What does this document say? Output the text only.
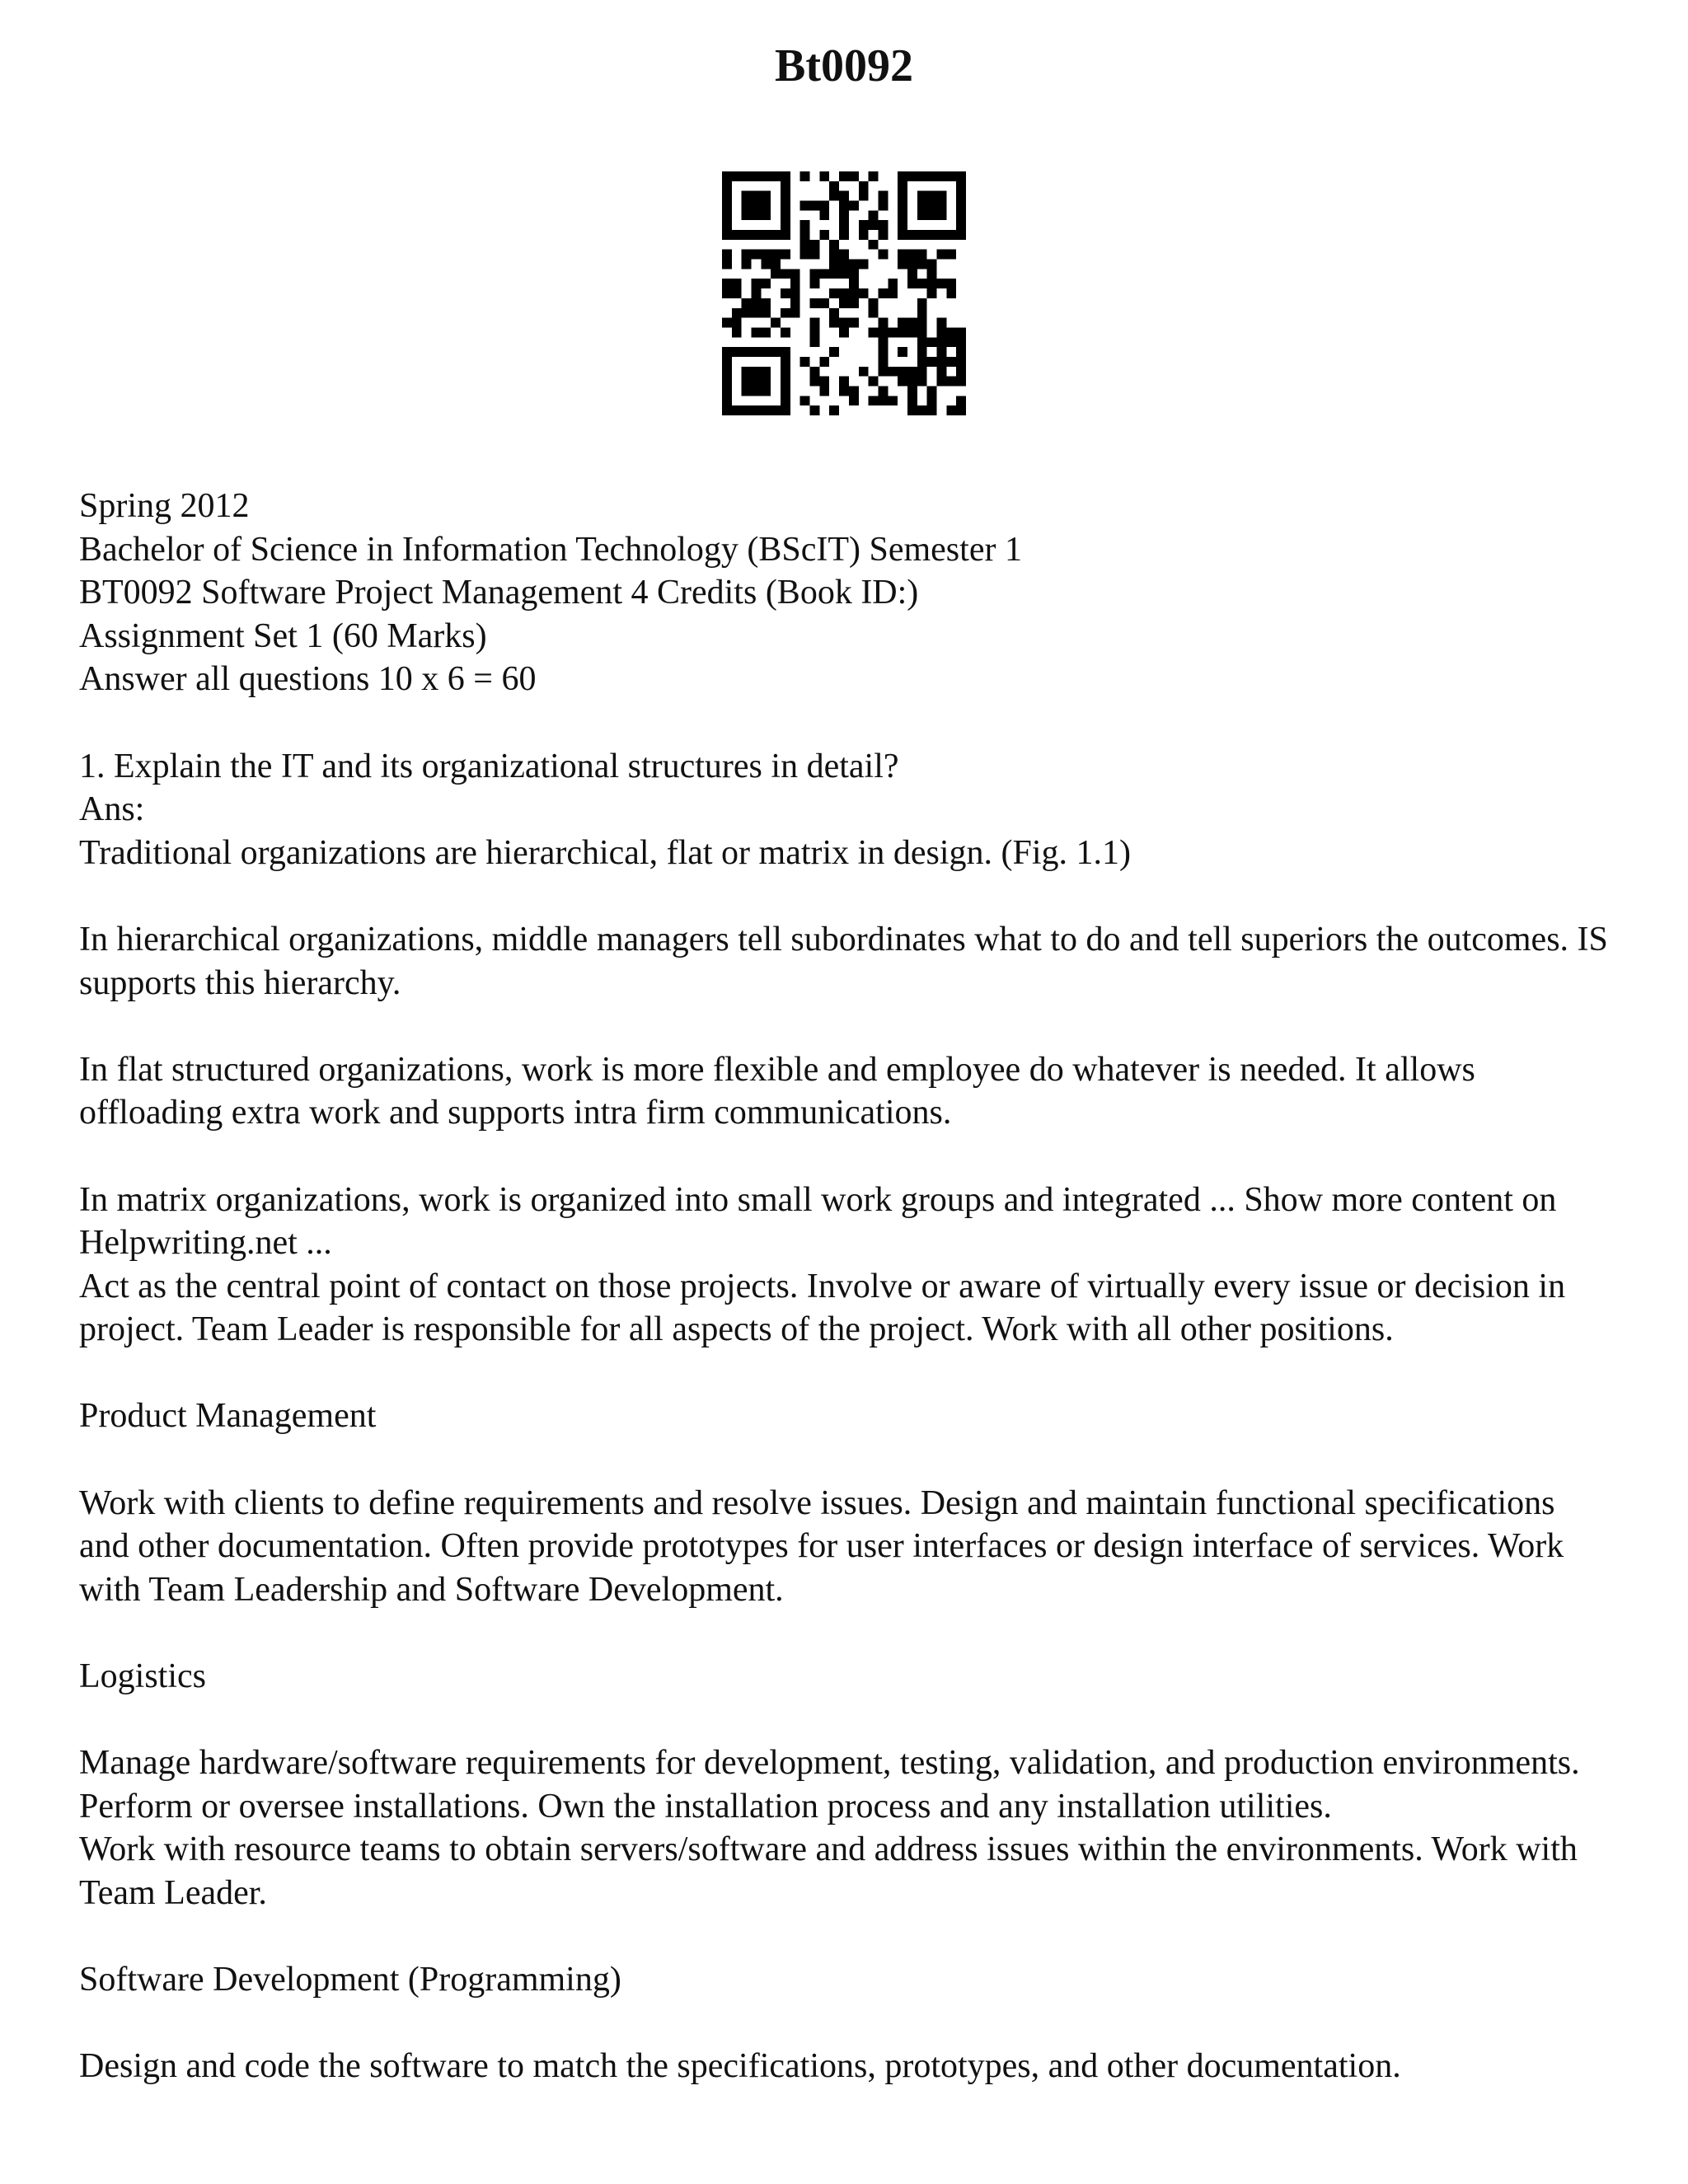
Bt0092

Spring 2012
Bachelor of Science in Information Technology (BScIT) Semester 1
BT0092 Software Project Management 4 Credits (Book ID:)
Assignment Set 1 (60 Marks)
Answer all questions 10 x 6 = 60

1. Explain the IT and its organizational structures in detail?
Ans:
Traditional organizations are hierarchical, flat or matrix in design. (Fig. 1.1)

In hierarchical organizations, middle managers tell subordinates what to do and tell superiors the outcomes. IS supports this hierarchy.

In flat structured organizations, work is more flexible and employee do whatever is needed. It allows offloading extra work and supports intra firm communications.

In matrix organizations, work is organized into small work groups and integrated ... Show more content on Helpwriting.net ...

Act as the central point of contact on those projects. Involve or aware of virtually every issue or decision in project. Team Leader is responsible for all aspects of the project. Work with all other positions.

Product Management

Work with clients to define requirements and resolve issues. Design and maintain functional specifications and other documentation. Often provide prototypes for user interfaces or design interface of services. Work with Team Leadership and Software Development.

Logistics

Manage hardware/software requirements for development, testing, validation, and production environments. Perform or oversee installations. Own the installation process and any installation utilities.

Work with resource teams to obtain servers/software and address issues within the environments. Work with Team Leader.

Software Development (Programming)

Design and code the software to match the specifications, prototypes, and other documentation.
